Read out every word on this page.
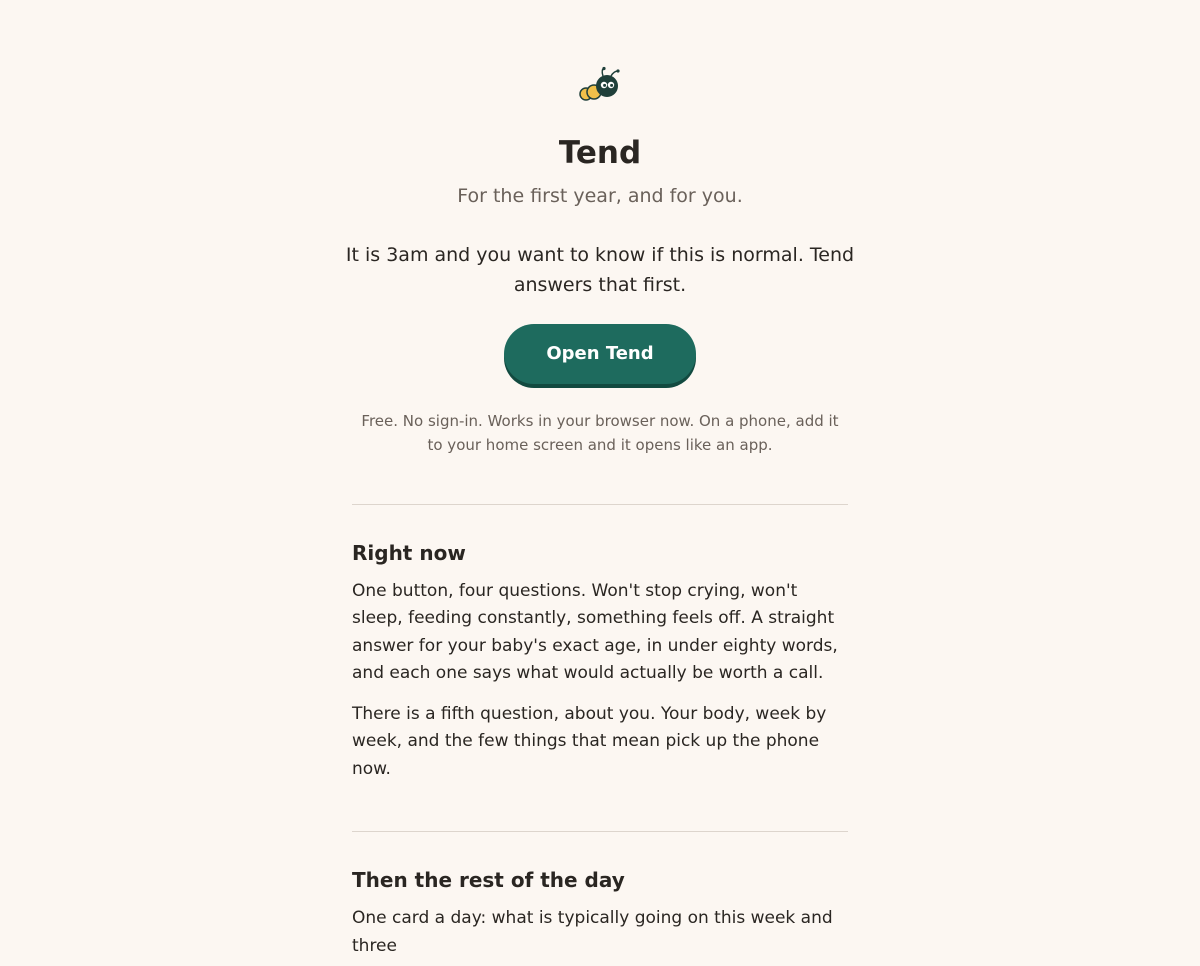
Tend

For the first year, and for you.

It is 3am and you want to know if this is normal. Tend answers that first.

Open Tend

Free. No sign-in. Works in your browser now. On a phone, add it to your home screen and it opens like an app.

Right now

One button, four questions. Won't stop crying, won't sleep, feeding constantly, something feels off. A straight answer for your baby's exact age, in under eighty words, and each one says what would actually be worth a call.

There is a fifth question, about you. Your body, week by week, and the few things that mean pick up the phone now.

Then the rest of the day

One card a day: what is typically going on this week and three
